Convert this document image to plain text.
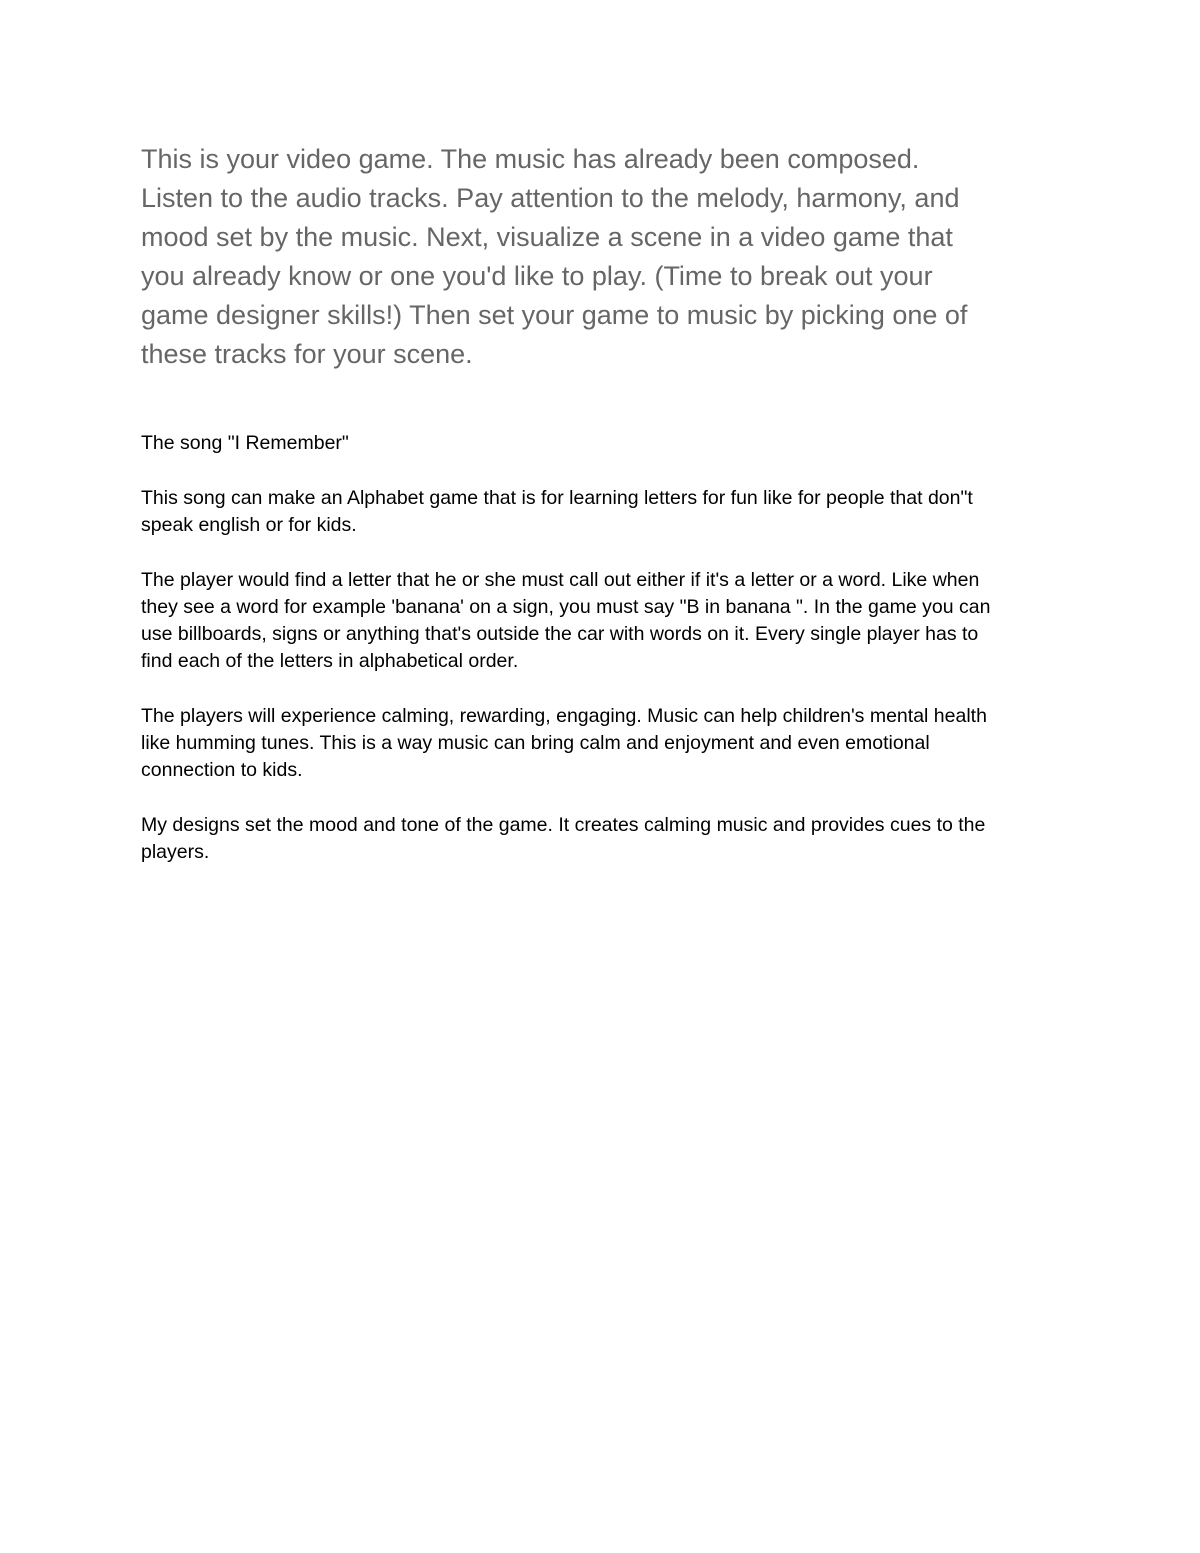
This is your video game. The music has already been composed.
Listen to the audio tracks. Pay attention to the melody, harmony, and
mood set by the music. Next, visualize a scene in a video game that
you already know or one you'd like to play. (Time to break out your
game designer skills!) Then set your game to music by picking one of
these tracks for your scene.

The song "I Remember"

This song can make an Alphabet game that is for learning letters for fun like for people that don"t
speak english or for kids.

The player would find a letter that he or she must call out either if it's a letter or a word. Like when
they see a word for example 'banana' on a sign, you must say "B in banana ". In the game you can
use billboards, signs or anything that's outside the car with words on it. Every single player has to
find each of the letters in alphabetical order.

The players will experience calming, rewarding, engaging. Music can help children's mental health
like humming tunes. This is a way music can bring calm and enjoyment and even emotional
connection to kids.

My designs set the mood and tone of the game. It creates calming music and provides cues to the
players.
